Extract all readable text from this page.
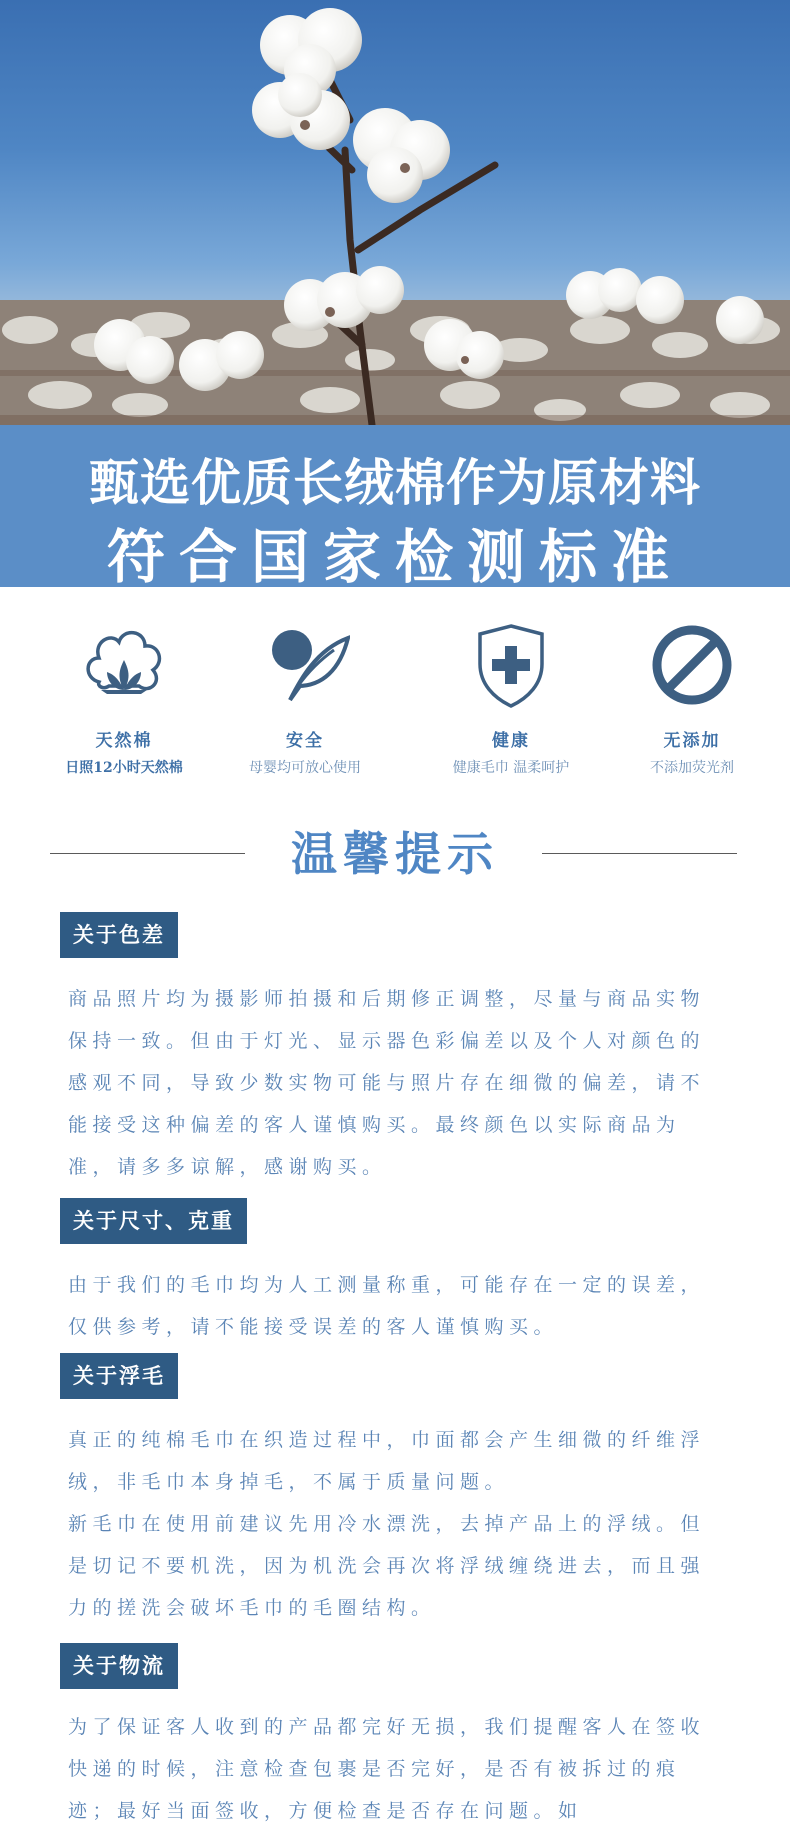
甄选优质长绒棉作为原材料
符合国家检测标准
天然棉
日照12小时天然棉
安全
母婴均可放心使用
健康
健康毛巾 温柔呵护
无添加
不添加荧光剂
温馨提示
关于色差

商品照片均为摄影师拍摄和后期修正调整，尽量与商品实物保持一致。但由于灯光、显示器色彩偏差以及个人对颜色的感观不同，导致少数实物可能与照片存在细微的偏差，请不能接受这种偏差的客人谨慎购买。最终颜色以实际商品为准，请多多谅解，感谢购买。

关于尺寸、克重

由于我们的毛巾均为人工测量称重，可能存在一定的误差，仅供参考，请不能接受误差的客人谨慎购买。

关于浮毛

真正的纯棉毛巾在织造过程中，巾面都会产生细微的纤维浮绒，非毛巾本身掉毛，不属于质量问题。

新毛巾在使用前建议先用冷水漂洗，去掉产品上的浮绒。但是切记不要机洗，因为机洗会再次将浮绒缠绕进去，而且强力的搓洗会破坏毛巾的毛圈结构。

关于物流

为了保证客人收到的产品都完好无损，我们提醒客人在签收快递的时候，注意检查包裹是否完好，是否有被拆过的痕迹；最好当面签收，方便检查是否存在问题。如
